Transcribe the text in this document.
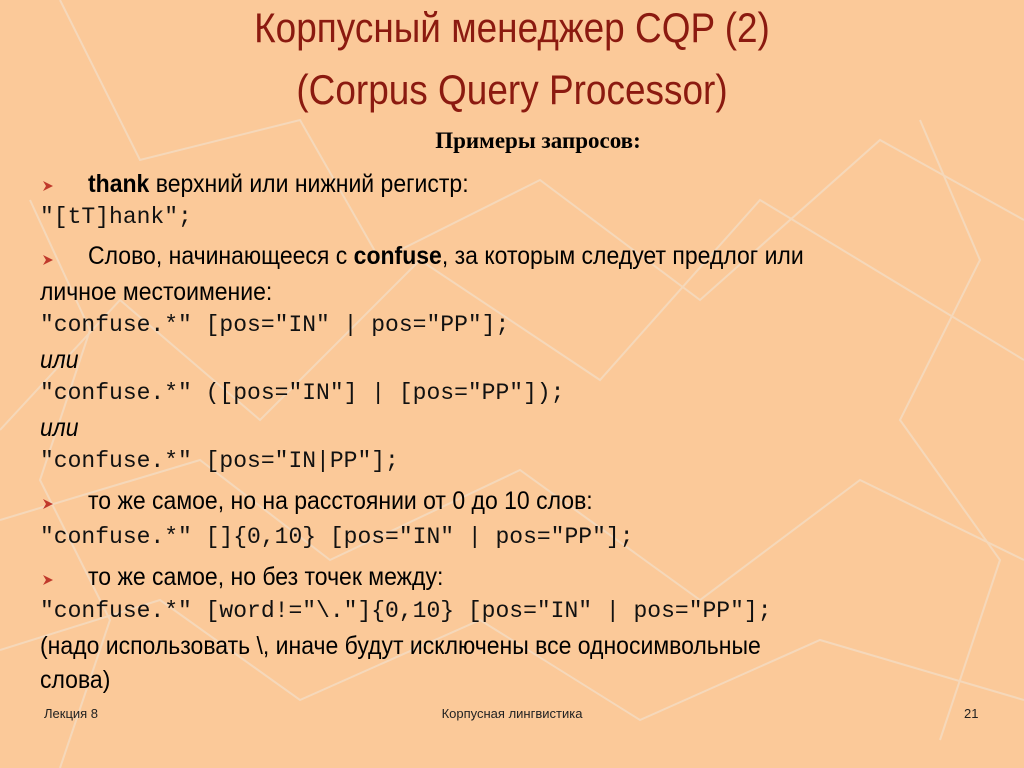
Корпусный менеджер CQP (2)
(Corpus Query Processor)
Примеры запросов:
thank верхний или нижний регистр:
"[tT]hank";
Слово, начинающееся с confuse, за которым следует предлог или
личное местоимение:
"confuse.*" [pos="IN" | pos="PP"];
или
"confuse.*" ([pos="IN"] | [pos="PP"]);
или
"confuse.*" [pos="IN|PP"];
то же самое, но на расстоянии от 0 до 10 слов:
"confuse.*" []{0,10} [pos="IN" | pos="PP"];
то же самое, но без точек между:
"confuse.*" [word!="\."]{0,10} [pos="IN" | pos="PP"];
(надо использовать \, иначе будут исключены все односимвольные
слова)
Лекция 8	Корпусная лингвистика	21
